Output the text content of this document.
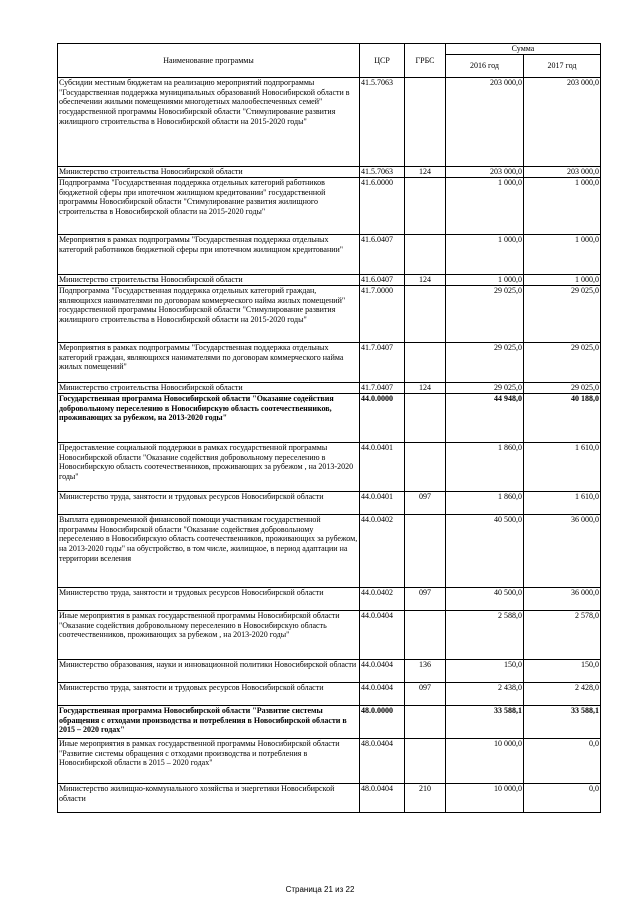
Наименование программы	ЦСР	ГРБС	Сумма	
			2016 год	2017 год
Субсидии местным бюджетам на реализацию мероприятий подпрограммы "Государственная поддержка муниципальных образований Новосибирской области в обеспечении жилыми помещениями многодетных малообеспеченных семей" государственной программы Новосибирской области "Стимулирование развития жилищного строительства в Новосибирской области на 2015-2020 годы"	41.5.7063		203 000,0	203 000,0
Министерство строительства Новосибирской области	41.5.7063	124	203 000,0	203 000,0
Подпрограмма "Государственная поддержка отдельных категорий работников бюджетной сферы при ипотечном жилищном кредитовании" государственной программы Новосибирской области "Стимулирование развития жилищного строительства в Новосибирской области на 2015-2020 годы"	41.6.0000		1 000,0	1 000,0
Мероприятия в рамках подпрограммы "Государственная поддержка отдельных категорий работников бюджетной сферы при ипотечном жилищном кредитовании"	41.6.0407		1 000,0	1 000,0
Министерство строительства Новосибирской области	41.6.0407	124	1 000,0	1 000,0
Подпрограмма "Государственная поддержка отдельных категорий граждан, являющихся нанимателями по договорам коммерческого найма жилых помещений" государственной программы Новосибирской области "Стимулирование развития жилищного строительства в Новосибирской области на 2015-2020 годы"	41.7.0000		29 025,0	29 025,0
Мероприятия в рамках подпрограммы "Государственная поддержка отдельных категорий граждан, являющихся нанимателями по договорам коммерческого найма жилых помещений"	41.7.0407		29 025,0	29 025,0
Министерство строительства Новосибирской области	41.7.0407	124	29 025,0	29 025,0
Государственная программа Новосибирской области "Оказание содействия добровольному переселению в Новосибирскую область соотечественников, проживающих за рубежом, на 2013-2020 годы"	44.0.0000		44 948,0	40 188,0
Предоставление социальной поддержки в рамках государственной программы Новосибирской области "Оказание содействия добровольному переселению в Новосибирскую область соотечественников, проживающих за рубежом , на 2013-2020 годы"	44.0.0401		1 860,0	1 610,0
Министерство труда, занятости и трудовых ресурсов Новосибирской области	44.0.0401	097	1 860,0	1 610,0
Выплата единовременной финансовой помощи участникам государственной программы Новосибирской области "Оказание содействия добровольному переселению в Новосибирскую область соотечественников, проживающих за рубежом, на 2013-2020 годы" на обустройство, в том числе, жилищное, в период адаптации на территории вселения	44.0.0402		40 500,0	36 000,0
Министерство труда, занятости и трудовых ресурсов Новосибирской области	44.0.0402	097	40 500,0	36 000,0
Иные мероприятия в рамках государственной программы Новосибирской области "Оказание содействия добровольному переселению в Новосибирскую область соотечественников, проживающих за рубежом , на 2013-2020 годы"	44.0.0404		2 588,0	2 578,0
Министерство образования, науки и инновационной политики Новосибирской области	44.0.0404	136	150,0	150,0
Министерство труда, занятости и трудовых ресурсов Новосибирской области	44.0.0404	097	2 438,0	2 428,0
Государственная программа Новосибирской области "Развитие системы обращения с отходами производства и потребления в Новосибирской области в 2015 – 2020 годах"	48.0.0000		33 588,1	33 588,1
Иные мероприятия в рамках государственной программы Новосибирской области "Развитие системы обращения с отходами производства и потребления в Новосибирской области в 2015 – 2020 годах"	48.0.0404		10 000,0	0,0
Министерство жилищно-коммунального хозяйства и энергетики Новосибирской области	48.0.0404	210	10 000,0	0,0
Страница 21 из 22
